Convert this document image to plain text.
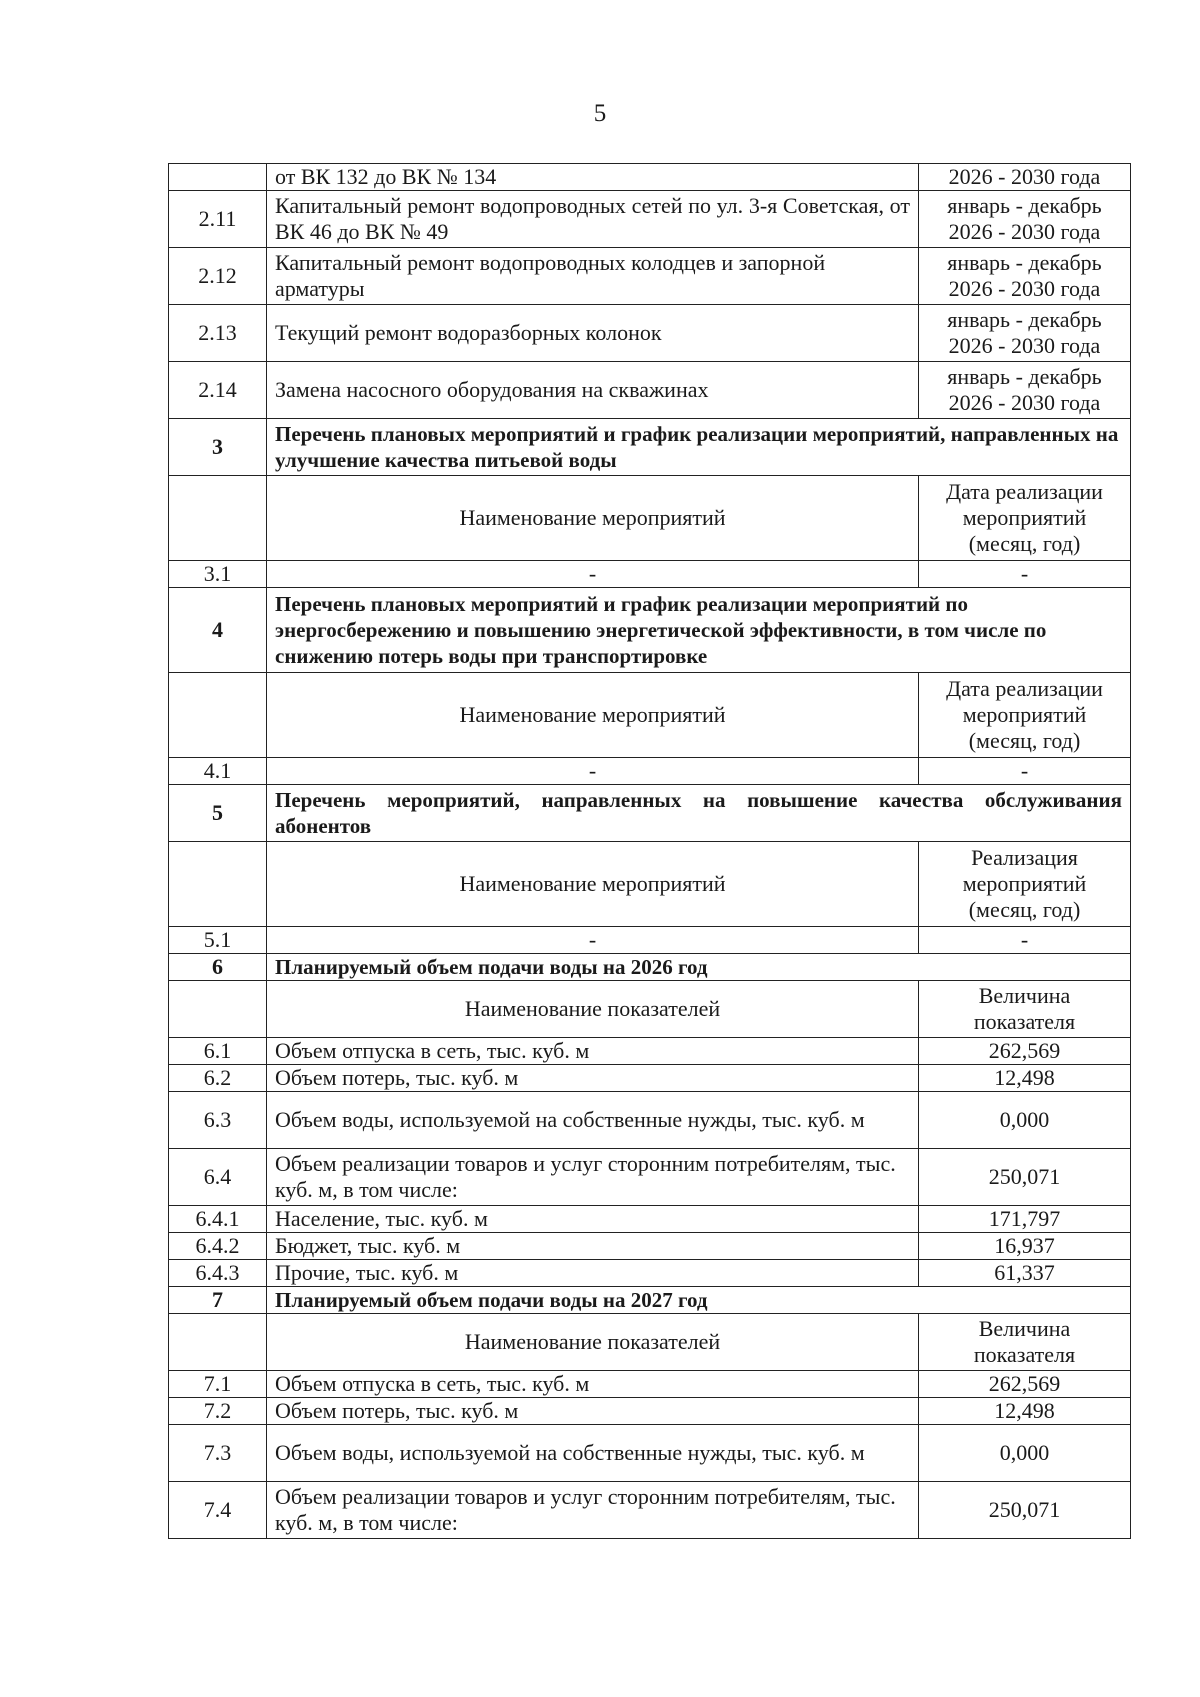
5
	от ВК 132 до ВК № 134	2026 - 2030 года
2.11	Капитальный ремонт водопроводных сетей по ул. 3-я Советская, от ВК 46 до ВК № 49	январь - декабрь 2026 - 2030 года
2.12	Капитальный ремонт водопроводных колодцев и запорной арматуры	январь - декабрь 2026 - 2030 года
2.13	Текущий ремонт водоразборных колонок	январь - декабрь 2026 - 2030 года
2.14	Замена насосного оборудования на скважинах	январь - декабрь 2026 - 2030 года
3	Перечень плановых мероприятий и график реализации мероприятий, направленных на улучшение качества питьевой воды	
	Наименование мероприятий	Дата реализации мероприятий (месяц, год)
3.1	-	-
4	Перечень плановых мероприятий и график реализации мероприятий по энергосбережению и повышению энергетической эффективности, в том числе по снижению потерь воды при транспортировке	
	Наименование мероприятий	Дата реализации мероприятий (месяц, год)
4.1	-	-
5	Перечень мероприятий, направленных на повышение качества обслуживания абонентов	
	Наименование мероприятий	Реализация мероприятий (месяц, год)
5.1	-	-
6	Планируемый объем подачи воды на 2026 год	
	Наименование показателей	Величина показателя
6.1	Объем отпуска в сеть, тыс. куб. м	262,569
6.2	Объем потерь, тыс. куб. м	12,498
6.3	Объем воды, используемой на собственные нужды, тыс. куб. м	0,000
6.4	Объем реализации товаров и услуг сторонним потребителям, тыс. куб. м, в том числе:	250,071
6.4.1	Население, тыс. куб. м	171,797
6.4.2	Бюджет, тыс. куб. м	16,937
6.4.3	Прочие, тыс. куб. м	61,337
7	Планируемый объем подачи воды на 2027 год	
	Наименование показателей	Величина показателя
7.1	Объем отпуска в сеть, тыс. куб. м	262,569
7.2	Объем потерь, тыс. куб. м	12,498
7.3	Объем воды, используемой на собственные нужды, тыс. куб. м	0,000
7.4	Объем реализации товаров и услуг сторонним потребителям, тыс. куб. м, в том числе:	250,071
